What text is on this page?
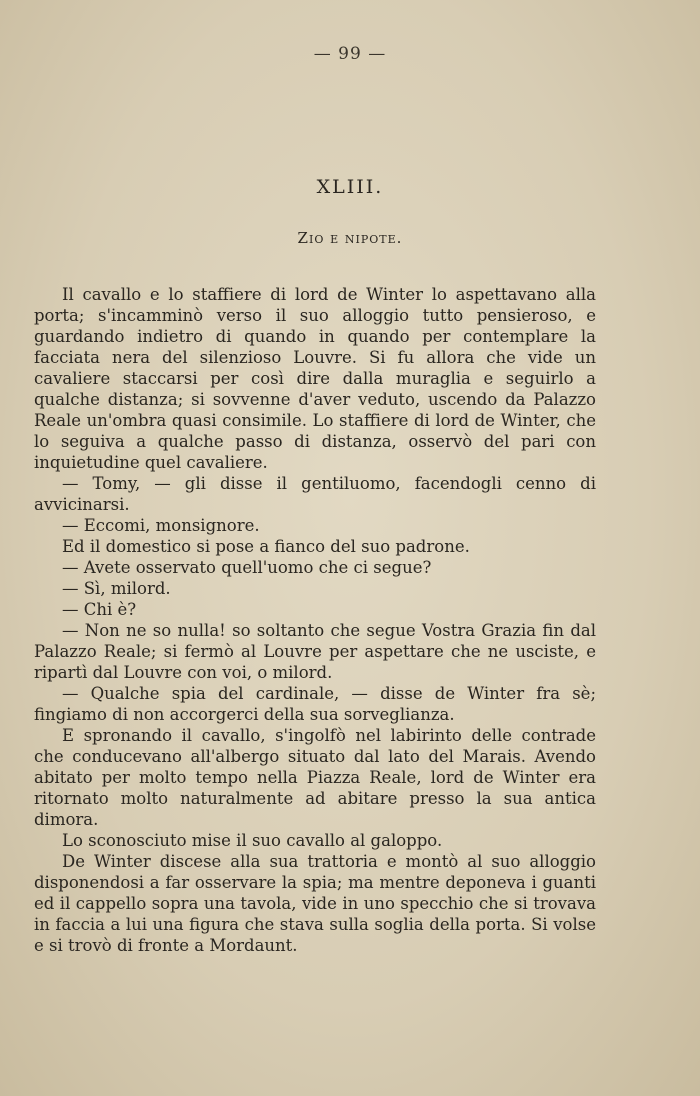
— 99 —
XLIII.
Zio e nipote.

Il cavallo e lo staffiere di lord de Winter lo aspettavano alla porta; s'incamminò verso il suo alloggio tutto pensieroso, e guardando indietro di quando in quando per contemplare la facciata nera del silenzioso Louvre. Si fu allora che vide un cavaliere staccarsi per così dire dalla muraglia e seguirlo a qualche distanza; si sovvenne d'aver veduto, uscendo da Palazzo Reale un'ombra quasi consimile. Lo staffiere di lord de Winter, che lo seguiva a qualche passo di distanza, osservò del pari con inquietudine quel cavaliere.

— Tomy, — gli disse il gentiluomo, facendogli cenno di avvicinarsi.

— Eccomi, monsignore.

Ed il domestico si pose a fianco del suo padrone.

— Avete osservato quell'uomo che ci segue?

— Sì, milord.

— Chi è?

— Non ne so nulla! so soltanto che segue Vostra Grazia fin dal Palazzo Reale; si fermò al Louvre per aspettare che ne usciste, e ripartì dal Louvre con voi, o milord.

— Qualche spia del cardinale, — disse de Winter fra sè; fingiamo di non accorgerci della sua sorveglianza.

E spronando il cavallo, s'ingolfò nel labirinto delle contrade che conducevano all'albergo situato dal lato del Marais. Avendo abitato per molto tempo nella Piazza Reale, lord de Winter era ritornato molto naturalmente ad abitare presso la sua antica dimora.

Lo sconosciuto mise il suo cavallo al galoppo.

De Winter discese alla sua trattoria e montò al suo alloggio disponendosi a far osservare la spia; ma mentre deponeva i guanti ed il cappello sopra una tavola, vide in uno specchio che si trovava in faccia a lui una figura che stava sulla soglia della porta. Si volse e si trovò di fronte a Mordaunt.
